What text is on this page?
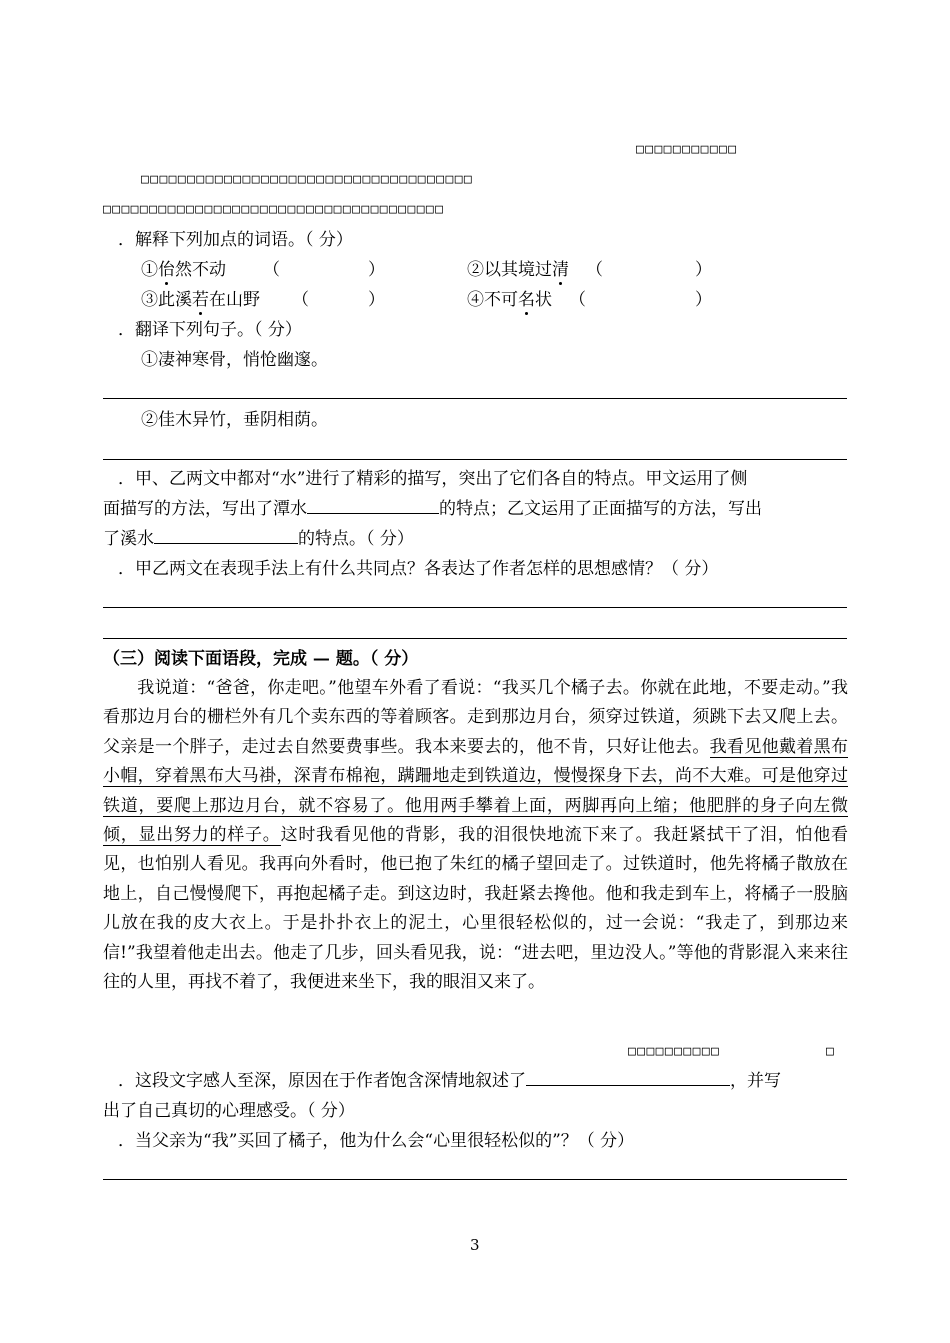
□□□□□□□□□□□
□□□□□□□□□□□□□□□□□□□□□□□□□□□□□□□□□□□□
□□□□□□□□□□□□□□□□□□□□□□□□□□□□□□□□□□□□□
．解释下列加点的词语。（ 分）
①佁然不动 （	）	②以其境过清 （	）
③此溪若在山野 （	）	④不可名状 （	）
．翻译下列句子。（ 分）
①凄神寒骨，悄怆幽邃。
②佳木异竹，垂阴相荫。
．甲、乙两文中都对“水”进行了精彩的描写，突出了它们各自的特点。甲文运用了侧
面描写的方法，写出了潭水	的特点；乙文运用了正面描写的方法，写出
了溪水	的特点。（ 分）
．甲乙两文在表现手法上有什么共同点？各表达了作者怎样的思想感情？（ 分）
（三）阅读下面语段，完成 — 题。（ 分）
我说道：“爸爸，你走吧。”他望车外看了看说：“我买几个橘子去。你就在此地，不要走动。”我看那边月台的栅栏外有几个卖东西的等着顾客。走到那边月台，须穿过铁道，须跳下去又爬上去。父亲是一个胖子，走过去自然要费事些。我本来要去的，他不肯，只好让他去。我看见他戴着黑布小帽，穿着黑布大马褂，深青布棉袍，蹒跚地走到铁道边，慢慢探身下去，尚不大难。可是他穿过铁道，要爬上那边月台，就不容易了。他用两手攀着上面，两脚再向上缩；他肥胖的身子向左微倾，显出努力的样子。这时我看见他的背影，我的泪很快地流下来了。我赶紧拭干了泪，怕他看见，也怕别人看见。我再向外看时，他已抱了朱红的橘子望回走了。过铁道时，他先将橘子散放在地上，自己慢慢爬下，再抱起橘子走。到这边时，我赶紧去搀他。他和我走到车上，将橘子一股脑儿放在我的皮大衣上。于是扑扑衣上的泥土，心里很轻松似的，过一会说：“我走了，到那边来信!”我望着他走出去。他走了几步，回头看见我，说：“进去吧，里边没人。”等他的背影混入来来往往的人里，再找不着了，我便进来坐下，我的眼泪又来了。
□□□□□□□□□□	□
．这段文字感人至深，原因在于作者饱含深情地叙述了	，并写
出了自己真切的心理感受。（ 分）
．当父亲为“我”买回了橘子，他为什么会“心里很轻松似的”？（ 分）
3
